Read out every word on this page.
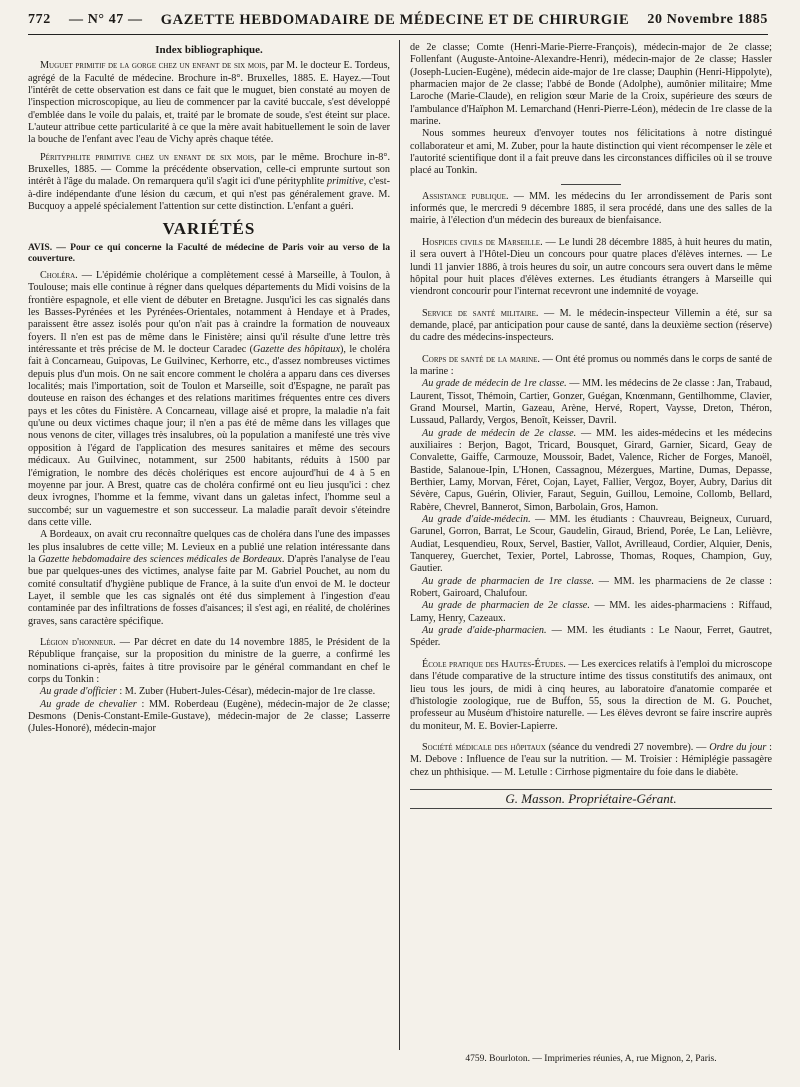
772 — N° 47 — GAZETTE HEBDOMADAIRE DE MÉDECINE ET DE CHIRURGIE 20 Novembre 1885
Index bibliographique.

Muguet primitif de la gorge chez un enfant de six mois, par M. le docteur E. Tordeus, agrégé de la Faculté de médecine. Brochure in-8°. Bruxelles, 1885. E. Hayez.—Tout l'intérêt de cette observation est dans ce fait que le muguet, bien constaté au moyen de l'inspection microscopique, au lieu de commencer par la cavité buccale, s'est développé d'emblée dans le voile du palais, et, traité par le bromate de soude, s'est éteint sur place. L'auteur attribue cette particularité à ce que la mère avait habituellement le soin de laver la bouche de l'enfant avec l'eau de Vichy après chaque tétée.

Pérityphlite primitive chez un enfant de six mois, par le même. Brochure in-8°. Bruxelles, 1885. — Comme la précédente observation, celle-ci emprunte surtout son intérêt à l'âge du malade. On remarquera qu'il s'agit ici d'une pérityphlite primitive, c'est-à-dire indépendante d'une lésion du cæcum, et qui n'est pas généralement grave. M. Bucquoy a appelé spécialement l'attention sur cette distinction. L'enfant a guéri.

VARIÉTÉS

AVIS. — Pour ce qui concerne la Faculté de médecine de Paris voir au verso de la couverture.

Choléra. — L'épidémie cholérique a complètement cessé à Marseille, à Toulon, à Toulouse; mais elle continue à régner dans quelques départements du Midi voisins de la frontière espagnole, et elle vient de débuter en Bretagne. Jusqu'ici les cas signalés dans les Basses-Pyrénées et les Pyrénées-Orientales, notamment à Hendaye et à Prades, paraissent être assez isolés pour qu'on n'ait pas à craindre la formation de nouveaux foyers. Il n'en est pas de même dans le Finistère; ainsi qu'il résulte d'une lettre très intéressante et très précise de M. le docteur Caradec (Gazette des hôpitaux), le choléra fait à Concarneau, Guipovas, Le Guilvinec, Kerhorre, etc., d'assez nombreuses victimes depuis plus d'un mois. On ne sait encore comment le choléra a apparu dans ces diverses localités; mais l'importation, soit de Toulon et Marseille, soit d'Espagne, ne paraît pas douteuse en raison des échanges et des relations maritimes fréquentes entre ces divers pays et les côtes du Finistère. A Concarneau, village aisé et propre, la maladie n'a fait qu'une ou deux victimes chaque jour; il n'en a pas été de même dans les villages que nous venons de citer, villages très insalubres, où la population a manifesté une très vive opposition à l'égard de l'application des mesures sanitaires et même des secours médicaux. Au Guilvinec, notamment, sur 2500 habitants, réduits à 1500 par l'émigration, le nombre des décès cholériques est encore aujourd'hui de 4 à 5 en moyenne par jour. A Brest, quatre cas de choléra confirmé ont eu lieu jusqu'ici : chez deux ivrognes, l'homme et la femme, vivant dans un galetas infect, l'homme seul a succombé; sur un vaguemestre et son successeur. La maladie paraît devoir s'éteindre dans cette ville.

A Bordeaux, on avait cru reconnaître quelques cas de choléra dans l'une des impasses les plus insalubres de cette ville; M. Levieux en a publié une relation intéressante dans la Gazette hebdomadaire des sciences médicales de Bordeaux. D'après l'analyse de l'eau bue par quelques-unes des victimes, analyse faite par M. Gabriel Pouchet, au nom du comité consultatif d'hygiène publique de France, à la suite d'un envoi de M. le docteur Layet, il semble que les cas signalés ont été dus simplement à l'ingestion d'eau contaminée par des infiltrations de fosses d'aisances; il s'est agi, en réalité, de cholérines graves, sans caractère spécifique.

Légion d'honneur. — Par décret en date du 14 novembre 1885, le Président de la République française, sur la proposition du ministre de la guerre, a confirmé les nominations ci-après, faites à titre provisoire par le général commandant en chef le corps du Tonkin :

Au grade d'officier : M. Zuber (Hubert-Jules-César), médecin-major de 1re classe.

Au grade de chevalier : MM. Roberdeau (Eugène), médecin-major de 2e classe; Desmons (Denis-Constant-Emile-Gustave), médecin-major de 2e classe; Lasserre (Jules-Honoré), médecin-major

de 2e classe; Comte (Henri-Marie-Pierre-François), médecin-major de 2e classe; Follenfant (Auguste-Antoine-Alexandre-Henri), médecin-major de 2e classe; Hassler (Joseph-Lucien-Eugène), médecin aide-major de 1re classe; Dauphin (Henri-Hippolyte), pharmacien major de 2e classe; l'abbé de Bonde (Adolphe), aumônier militaire; Mme Laroche (Marie-Claude), en religion sœur Marie de la Croix, supérieure des sœurs de l'ambulance d'Haïphon M. Lemarchand (Henri-Pierre-Léon), médecin de 1re classe de la marine.

Nous sommes heureux d'envoyer toutes nos félicitations à notre distingué collaborateur et ami, M. Zuber, pour la haute distinction qui vient récompenser le zèle et l'autorité scientifique dont il a fait preuve dans les circonstances difficiles où il se trouve placé au Tonkin.

Assistance publique. — MM. les médecins du Ier arrondissement de Paris sont informés que, le mercredi 9 décembre 1885, il sera procédé, dans une des salles de la mairie, à l'élection d'un médecin des bureaux de bienfaisance.

Hospices civils de Marseille. — Le lundi 28 décembre 1885, à huit heures du matin, il sera ouvert à l'Hôtel-Dieu un concours pour quatre places d'élèves internes. — Le lundi 11 janvier 1886, à trois heures du soir, un autre concours sera ouvert dans le même hôpital pour huit places d'élèves externes. Les étudiants étrangers à Marseille qui viendront concourir pour l'internat recevront une indemnité de voyage.

Service de santé militaire. — M. le médecin-inspecteur Villemin a été, sur sa demande, placé, par anticipation pour cause de santé, dans la deuxième section (réserve) du cadre des médecins-inspecteurs.

Corps de santé de la marine. — Ont été promus ou nommés dans le corps de santé de la marine :

Au grade de médecin de 1re classe. — MM. les médecins de 2e classe : Jan, Trabaud, Laurent, Tissot, Thémoin, Cartier, Gonzer, Guégan, Knœnmann, Gentilhomme, Clavier, Grand Moursel, Martin, Gazeau, Arène, Hervé, Ropert, Vaysse, Dreton, Théron, Lussaud, Pallardy, Vergos, Benoît, Keisser, Davril.

Au grade de médecin de 2e classe. — MM. les aides-médecins et les médecins auxiliaires : Berjon, Bagot, Tricard, Bousquet, Girard, Garnier, Sicard, Geay de Convalette, Gaiffe, Carmouze, Moussoir, Badet, Valence, Richer de Forges, Manoël, Bastide, Salanoue-Ipin, L'Honen, Cassagnou, Mézergues, Martine, Dumas, Depasse, Berthier, Lamy, Morvan, Féret, Cojan, Layet, Fallier, Vergoz, Boyer, Aubry, Darius dit Sévère, Capus, Guérin, Olivier, Faraut, Seguin, Guillou, Lemoine, Collomb, Bellard, Rabère, Chevrel, Bannerot, Simon, Barbolain, Gros, Hamon.

Au grade d'aide-médecin. — MM. les étudiants : Chauvreau, Beigneux, Curuard, Garunel, Gorron, Barrat, Le Scour, Gaudelin, Giraud, Briend, Porée, Le Lan, Lelièvre, Audiat, Lesquendieu, Roux, Servel, Bastier, Vallot, Avrilleaud, Cordier, Alquier, Denis, Tanquerey, Guerchet, Texier, Portel, Labrosse, Thomas, Roques, Champion, Guy, Gautier.

Au grade de pharmacien de 1re classe. — MM. les pharmaciens de 2e classe : Robert, Gairoard, Chalufour.

Au grade de pharmacien de 2e classe. — MM. les aides-pharmaciens : Riffaud, Lamy, Henry, Cazeaux.

Au grade d'aide-pharmacien. — MM. les étudiants : Le Naour, Ferret, Gautret, Spéder.

École pratique des Hautes-Études. — Les exercices relatifs à l'emploi du microscope dans l'étude comparative de la structure intime des tissus constitutifs des animaux, ont lieu tous les jours, de midi à cinq heures, au laboratoire d'anatomie comparée et d'histologie zoologique, rue de Buffon, 55, sous la direction de M. G. Pouchet, professeur au Muséum d'histoire naturelle. — Les élèves devront se faire inscrire auprès du moniteur, M. E. Bovier-Lapierre.

Société médicale des hôpitaux (séance du vendredi 27 novembre). — Ordre du jour : M. Debove : Influence de l'eau sur la nutrition. — M. Troisier : Hémiplégie passagère chez un phthisique. — M. Letulle : Cirrhose pigmentaire du foie dans le diabète.

G. Masson. Propriétaire-Gérant.
4759. Bourloton. — Imprimeries réunies, A, rue Mignon, 2, Paris.
